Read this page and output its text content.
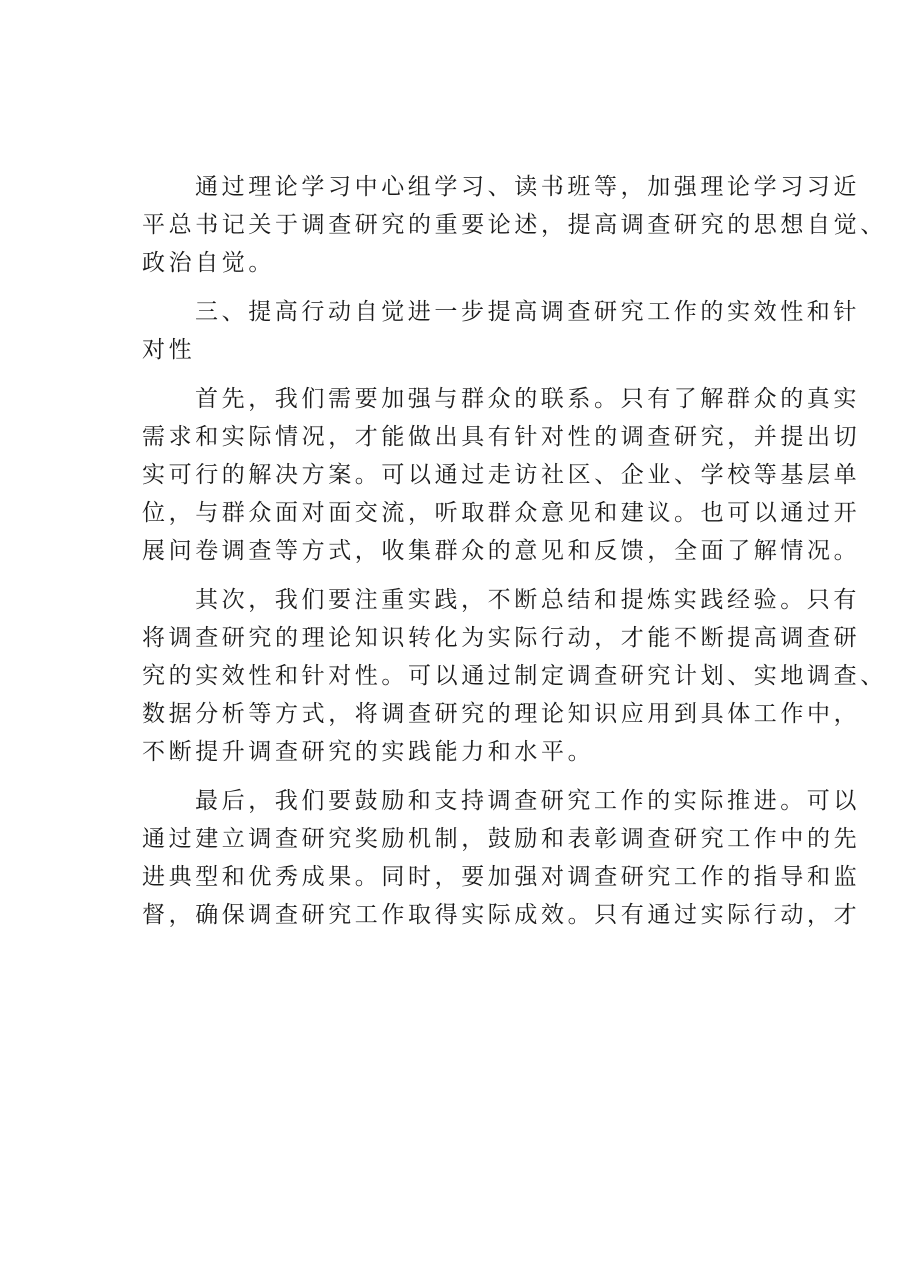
通过理论学习中心组学习、读书班等，加强理论学习习近
平总书记关于调查研究的重要论述，提高调查研究的思想自觉、
政治自觉。

三、提高行动自觉进一步提高调查研究工作的实效性和针
对性

首先，我们需要加强与群众的联系。只有了解群众的真实
需求和实际情况，才能做出具有针对性的调查研究，并提出切
实可行的解决方案。可以通过走访社区、企业、学校等基层单
位，与群众面对面交流，听取群众意见和建议。也可以通过开
展问卷调查等方式，收集群众的意见和反馈，全面了解情况。

其次，我们要注重实践，不断总结和提炼实践经验。只有
将调查研究的理论知识转化为实际行动，才能不断提高调查研
究的实效性和针对性。可以通过制定调查研究计划、实地调查、
数据分析等方式，将调查研究的理论知识应用到具体工作中，
不断提升调查研究的实践能力和水平。

最后，我们要鼓励和支持调查研究工作的实际推进。可以
通过建立调查研究奖励机制，鼓励和表彰调查研究工作中的先
进典型和优秀成果。同时，要加强对调查研究工作的指导和监
督，确保调查研究工作取得实际成效。只有通过实际行动，才
